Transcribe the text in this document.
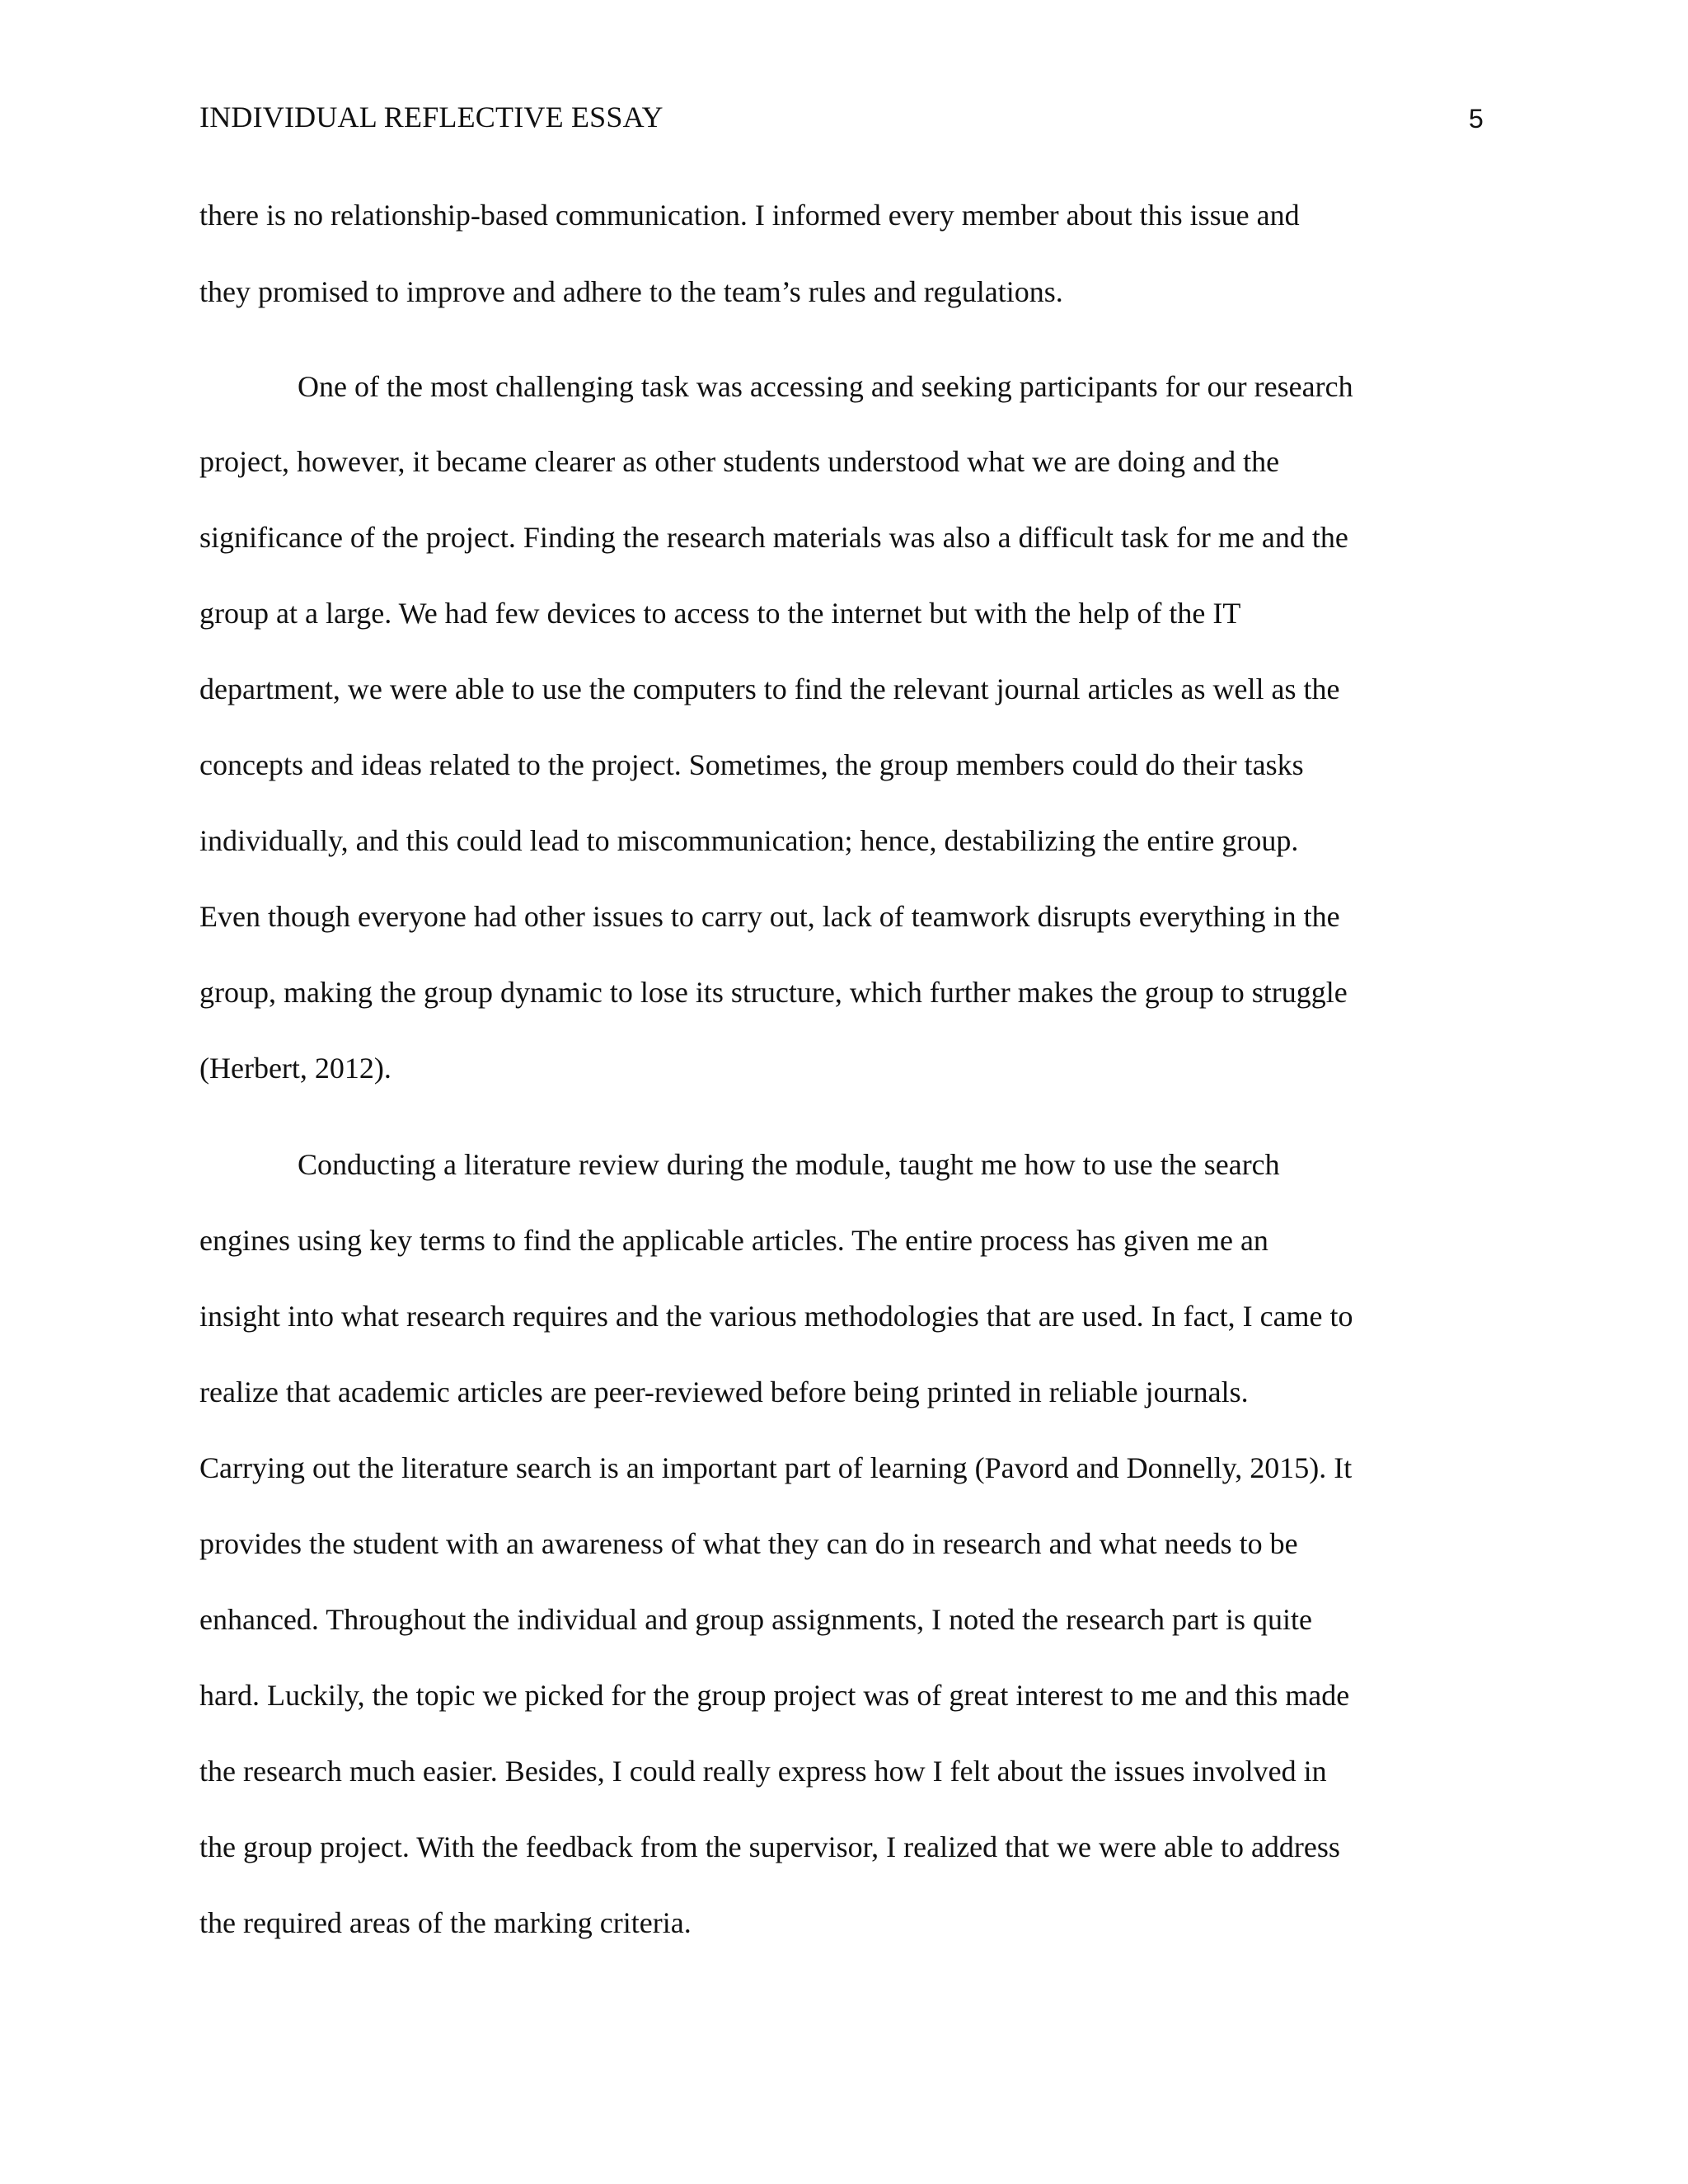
INDIVIDUAL REFLECTIVE ESSAY	5
there is no relationship-based communication. I informed every member about this issue and
they promised to improve and adhere to the team’s rules and regulations.
One of the most challenging task was accessing and seeking participants for our research
project, however, it became clearer as other students understood what we are doing and the
significance of the project. Finding the research materials was also a difficult task for me and the
group at a large. We had few devices to access to the internet but with the help of the IT
department, we were able to use the computers to find the relevant journal articles as well as the
concepts and ideas related to the project. Sometimes, the group members could do their tasks
individually, and this could lead to miscommunication; hence, destabilizing the entire group.
Even though everyone had other issues to carry out, lack of teamwork disrupts everything in the
group, making the group dynamic to lose its structure, which further makes the group to struggle
(Herbert, 2012).
Conducting a literature review during the module, taught me how to use the search
engines using key terms to find the applicable articles. The entire process has given me an
insight into what research requires and the various methodologies that are used. In fact, I came to
realize that academic articles are peer-reviewed before being printed in reliable journals.
Carrying out the literature search is an important part of learning (Pavord and Donnelly, 2015). It
provides the student with an awareness of what they can do in research and what needs to be
enhanced. Throughout the individual and group assignments, I noted the research part is quite
hard. Luckily, the topic we picked for the group project was of great interest to me and this made
the research much easier. Besides, I could really express how I felt about the issues involved in
the group project. With the feedback from the supervisor, I realized that we were able to address
the required areas of the marking criteria.
